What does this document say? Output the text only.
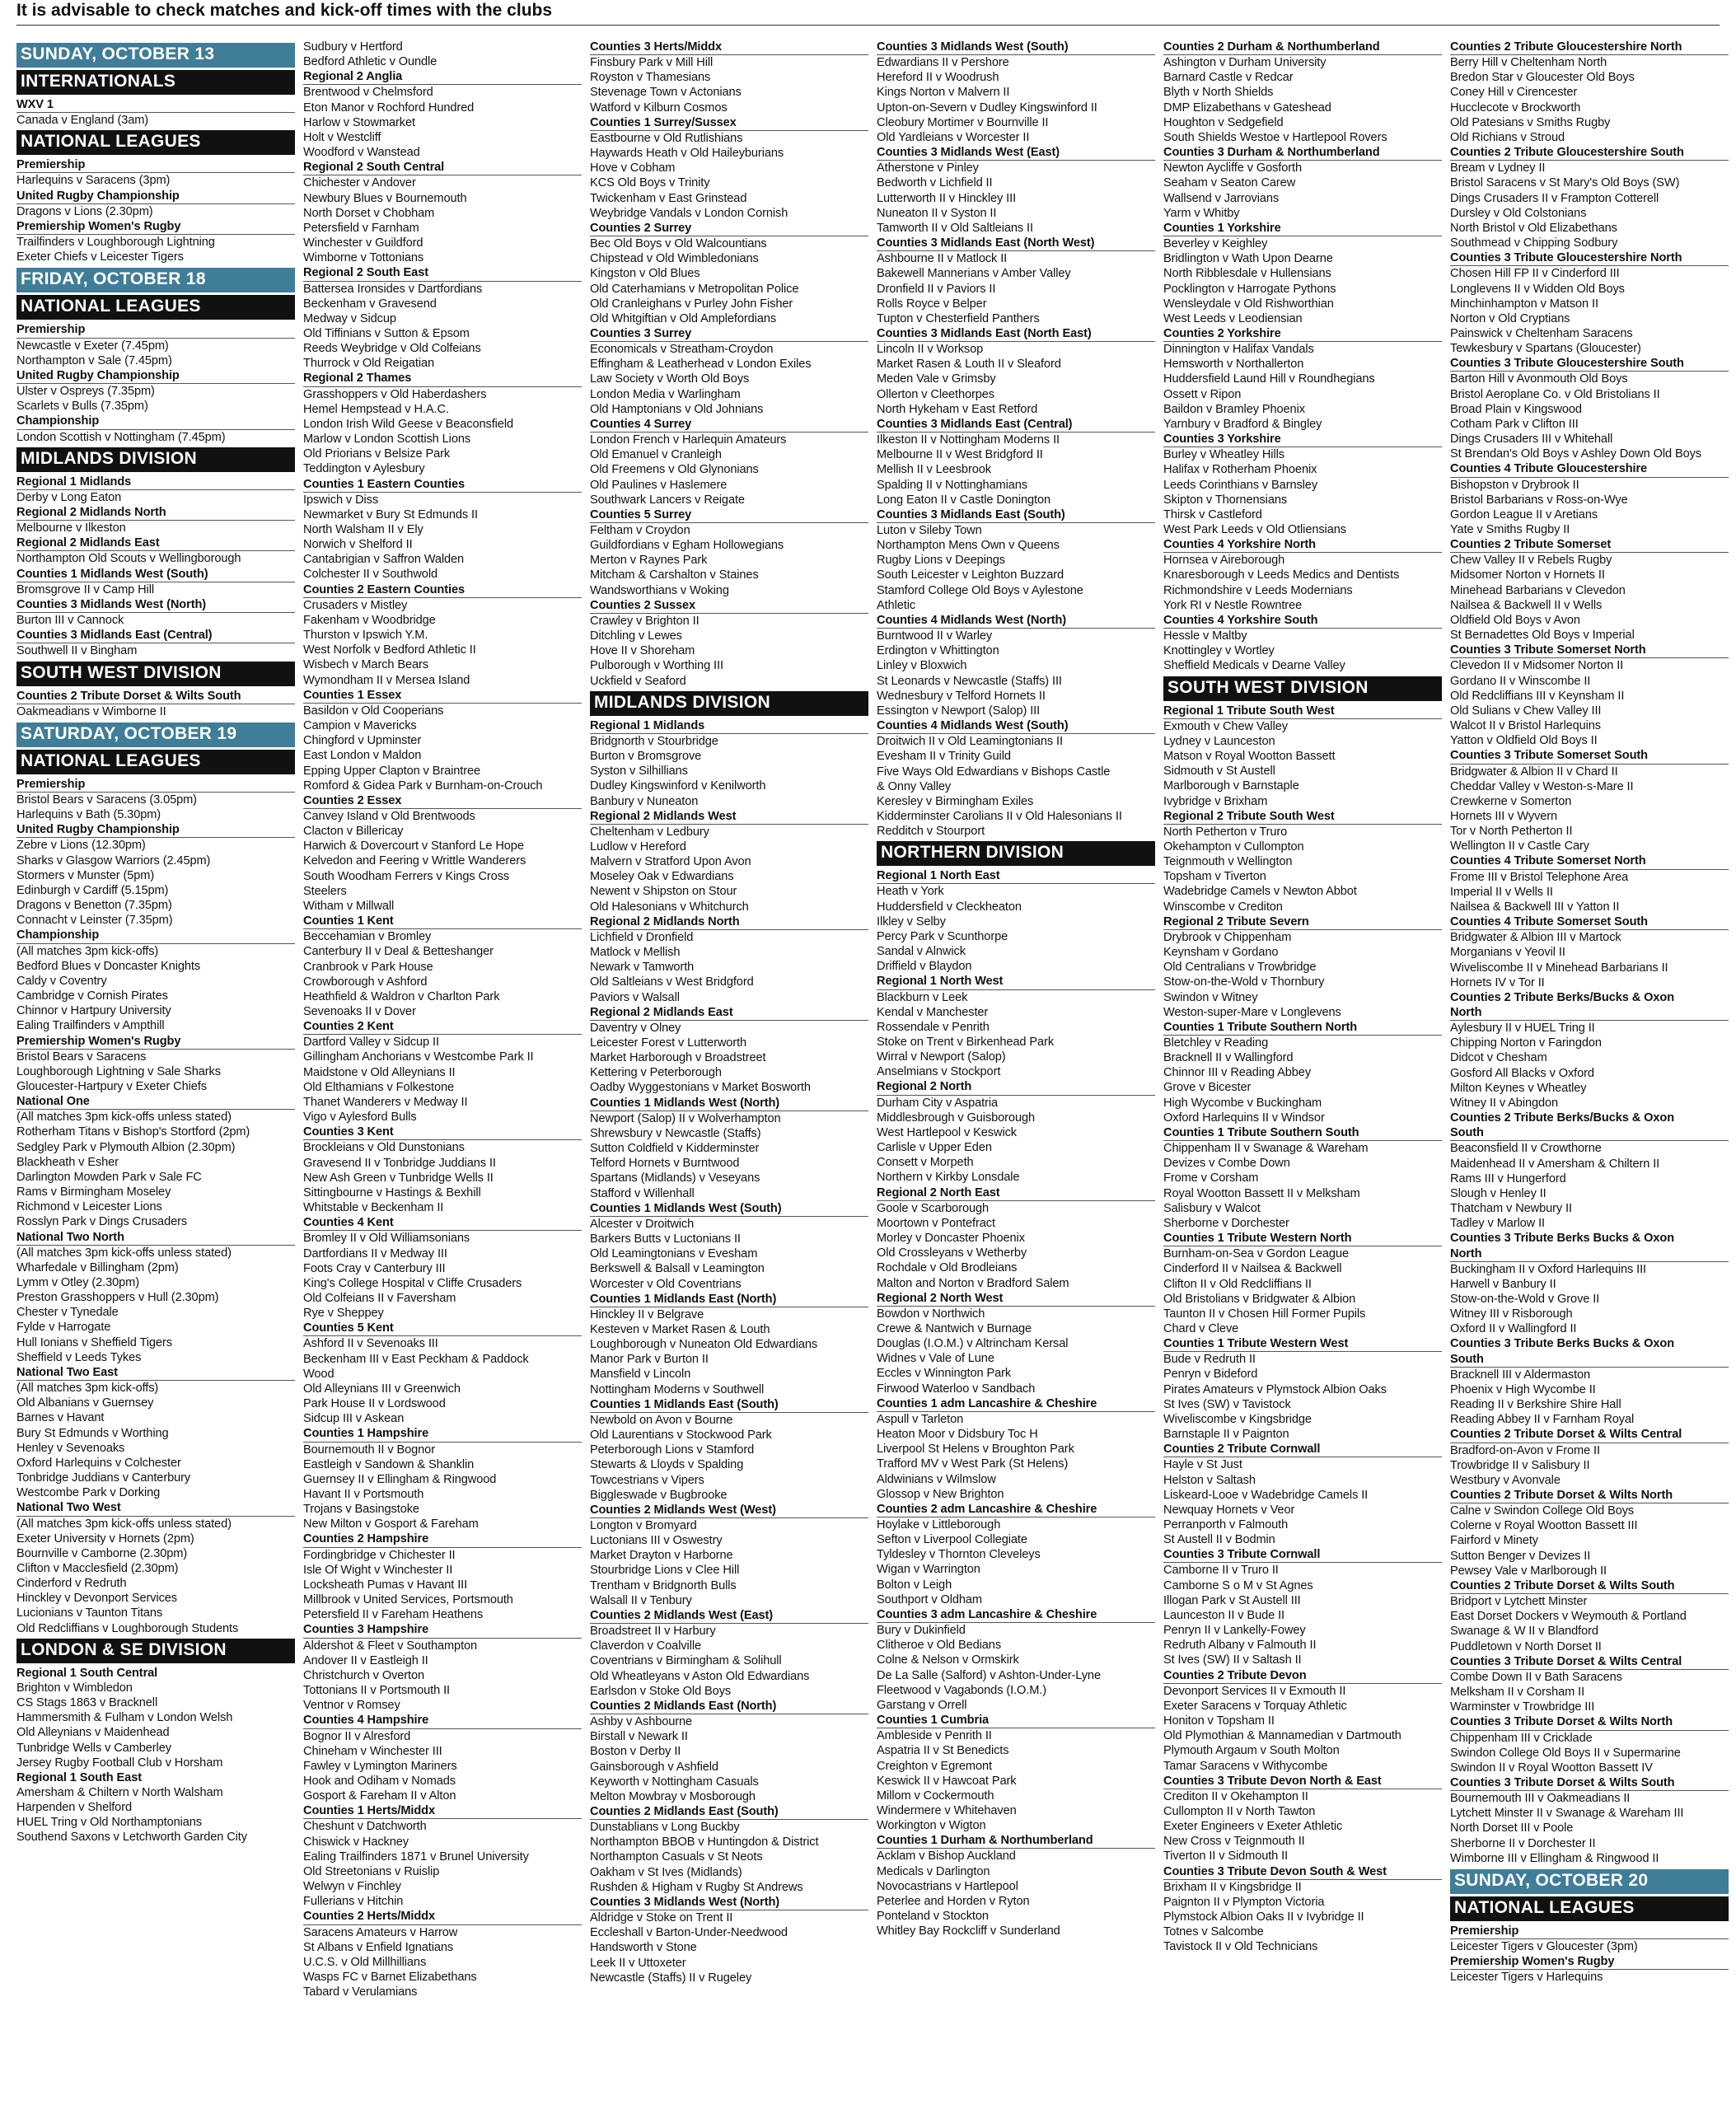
It is advisable to check matches and kick-off times with the clubs
SUNDAY, OCTOBER 13
INTERNATIONALS
WXV 1
Canada v England (3am)
NATIONAL LEAGUES
Premiership
Harlequins v Saracens (3pm)
United Rugby Championship
Dragons v Lions (2.30pm)
Premiership Women's Rugby
Trailfinders v Loughborough Lightning
Exeter Chiefs v Leicester Tigers
FRIDAY, OCTOBER 18
NATIONAL LEAGUES
Premiership
Newcastle v Exeter (7.45pm)
Northampton v Sale (7.45pm)
United Rugby Championship
Ulster v Ospreys (7.35pm)
Scarlets v Bulls (7.35pm)
Championship
London Scottish v Nottingham (7.45pm)
MIDLANDS DIVISION
Regional 1 Midlands
Derby v Long Eaton
Regional 2 Midlands North
Melbourne v Ilkeston
Regional 2 Midlands East
Northampton Old Scouts v Wellingborough
Counties 1 Midlands West (South)
Bromsgrove II v Camp Hill
Counties 3 Midlands West (North)
Burton III v Cannock
Counties 3 Midlands East (Central)
Southwell II v Bingham
SOUTH WEST DIVISION
Counties 2 Tribute Dorset & Wilts South
Oakmeadians v Wimborne II
SATURDAY, OCTOBER 19
NATIONAL LEAGUES
Premiership
Bristol Bears v Saracens (3.05pm)
Harlequins v Bath (5.30pm)
United Rugby Championship
Zebre v Lions (12.30pm)
Sharks v Glasgow Warriors (2.45pm)
Stormers v Munster (5pm)
Edinburgh v Cardiff (5.15pm)
Dragons v Benetton (7.35pm)
Connacht v Leinster (7.35pm)
Championship
(All matches 3pm kick-offs)
Bedford Blues v Doncaster Knights
Caldy v Coventry
Cambridge v Cornish Pirates
Chinnor v Hartpury University
Ealing Trailfinders v Ampthill
Premiership Women's Rugby
Bristol Bears v Saracens
Loughborough Lightning v Sale Sharks
Gloucester-Hartpury v Exeter Chiefs
National One
(All matches 3pm kick-offs unless stated)
Rotherham Titans v Bishop's Stortford (2pm)
Sedgley Park v Plymouth Albion (2.30pm)
Blackheath v Esher
Darlington Mowden Park v Sale FC
Rams v Birmingham Moseley
Richmond v Leicester Lions
Rosslyn Park v Dings Crusaders
National Two North
(All matches 3pm kick-offs unless stated)
Wharfedale v Billingham (2pm)
Lymm v Otley (2.30pm)
Preston Grasshoppers v Hull (2.30pm)
Chester v Tynedale
Fylde v Harrogate
Hull Ionians v Sheffield Tigers
Sheffield v Leeds Tykes
National Two East
(All matches 3pm kick-offs)
Old Albanians v Guernsey
Barnes v Havant
Bury St Edmunds v Worthing
Henley v Sevenoaks
Oxford Harlequins v Colchester
Tonbridge Juddians v Canterbury
Westcombe Park v Dorking
National Two West
(All matches 3pm kick-offs unless stated)
Exeter University v Hornets (2pm)
Bournville v Camborne (2.30pm)
Clifton v Macclesfield (2.30pm)
Cinderford v Redruth
Hinckley v Devonport Services
Lucionians v Taunton Titans
Old Redcliffians v Loughborough Students
LONDON & SE DIVISION
Regional 1 South Central
Brighton v Wimbledon
CS Stags 1863 v Bracknell
Hammersmith & Fulham v London Welsh
Old Alleynians v Maidenhead
Tunbridge Wells v Camberley
Jersey Rugby Football Club v Horsham
Regional 1 South East
Amersham & Chiltern v North Walsham
Harpenden v Shelford
HUEL Tring v Old Northamptonians
Southend Saxons v Letchworth Garden City
Sudbury v Hertford
Bedford Athletic v Oundle
Regional 2 Anglia
Brentwood v Chelmsford
Eton Manor v Rochford Hundred
Harlow v Stowmarket
Holt v Westcliff
Woodford v Wanstead
Regional 2 South Central
Chichester v Andover
Newbury Blues v Bournemouth
North Dorset v Chobham
Petersfield v Farnham
Winchester v Guildford
Wimborne v Tottonians
Regional 2 South East
Battersea Ironsides v Dartfordians
Beckenham v Gravesend
Medway v Sidcup
Old Tiffinians v Sutton & Epsom
Reeds Weybridge v Old Colfeians
Thurrock v Old Reigatian
Regional 2 Thames
Grasshoppers v Old Haberdashers
Hemel Hempstead v H.A.C.
London Irish Wild Geese v Beaconsfield
Marlow v London Scottish Lions
Old Priorians v Belsize Park
Teddington v Aylesbury
Counties 1 Eastern Counties
Ipswich v Diss
Newmarket v Bury St Edmunds II
North Walsham II v Ely
Norwich v Shelford II
Cantabrigian v Saffron Walden
Colchester II v Southwold
Counties 2 Eastern Counties
Crusaders v Mistley
Fakenham v Woodbridge
Thurston v Ipswich Y.M.
West Norfolk v Bedford Athletic II
Wisbech v March Bears
Wymondham II v Mersea Island
Counties 1 Essex
Basildon v Old Cooperians
Campion v Mavericks
Chingford v Upminster
East London v Maldon
Epping Upper Clapton v Braintree
Romford & Gidea Park v Burnham-on-Crouch
Counties 2 Essex
Canvey Island v Old Brentwoods
Clacton v Billericay
Harwich & Dovercourt v Stanford Le Hope
Kelvedon and Feering v Writtle Wanderers
South Woodham Ferrers v Kings Cross
Steelers
Witham v Millwall
Counties 1 Kent
Beccehamian v Bromley
Canterbury II v Deal & Betteshanger
Cranbrook v Park House
Crowborough v Ashford
Heathfield & Waldron v Charlton Park
Sevenoaks II v Dover
Counties 2 Kent
Dartford Valley v Sidcup II
Gillingham Anchorians v Westcombe Park II
Maidstone v Old Alleynians II
Old Elthamians v Folkestone
Thanet Wanderers v Medway II
Vigo v Aylesford Bulls
Counties 3 Kent
Brockleians v Old Dunstonians
Gravesend II v Tonbridge Juddians II
New Ash Green v Tunbridge Wells II
Sittingbourne v Hastings & Bexhill
Whitstable v Beckenham II
Counties 4 Kent
Bromley II v Old Williamsonians
Dartfordians II v Medway III
Foots Cray v Canterbury III
King's College Hospital v Cliffe Crusaders
Old Colfeians II v Faversham
Rye v Sheppey
Counties 5 Kent
Ashford II v Sevenoaks III
Beckenham III v East Peckham & Paddock
Wood
Old Alleynians III v Greenwich
Park House II v Lordswood
Sidcup III v Askean
Counties 1 Hampshire
Bournemouth II v Bognor
Eastleigh v Sandown & Shanklin
Guernsey II v Ellingham & Ringwood
Havant II v Portsmouth
Trojans v Basingstoke
New Milton v Gosport & Fareham
Counties 2 Hampshire
Fordingbridge v Chichester II
Isle Of Wight v Winchester II
Locksheath Pumas v Havant III
Millbrook v United Services, Portsmouth
Petersfield II v Fareham Heathens
Counties 3 Hampshire
Aldershot & Fleet v Southampton
Andover II v Eastleigh II
Christchurch v Overton
Tottonians II v Portsmouth II
Ventnor v Romsey
Counties 4 Hampshire
Bognor II v Alresford
Chineham v Winchester III
Fawley v Lymington Mariners
Hook and Odiham v Nomads
Gosport & Fareham II v Alton
Counties 1 Herts/Middx
Cheshunt v Datchworth
Chiswick v Hackney
Ealing Trailfinders 1871 v Brunel University
Old Streetonians v Ruislip
Welwyn v Finchley
Fullerians v Hitchin
Counties 2 Herts/Middx
Saracens Amateurs v Harrow
St Albans v Enfield Ignatians
U.C.S. v Old Millhillians
Wasps FC v Barnet Elizabethans
Tabard v Verulamians
Counties 3 Herts/Middx
Finsbury Park v Mill Hill
Royston v Thamesians
Stevenage Town v Actonians
Watford v Kilburn Cosmos
Counties 1 Surrey/Sussex
Eastbourne v Old Rutlishians
Haywards Heath v Old Haileyburians
Hove v Cobham
KCS Old Boys v Trinity
Twickenham v East Grinstead
Weybridge Vandals v London Cornish
Counties 2 Surrey
Bec Old Boys v Old Walcountians
Chipstead v Old Wimbledonians
Kingston v Old Blues
Old Caterhamians v Metropolitan Police
Old Cranleighans v Purley John Fisher
Old Whitgiftian v Old Amplefordians
Counties 3 Surrey
Economicals v Streatham-Croydon
Effingham & Leatherhead v London Exiles
Law Society v Worth Old Boys
London Media v Warlingham
Old Hamptonians v Old Johnians
Counties 4 Surrey
London French v Harlequin Amateurs
Old Emanuel v Cranleigh
Old Freemens v Old Glynonians
Old Paulines v Haslemere
Southwark Lancers v Reigate
Counties 5 Surrey
Feltham v Croydon
Guildfordians v Egham Hollowegians
Merton v Raynes Park
Mitcham & Carshalton v Staines
Wandsworthians v Woking
Counties 2 Sussex
Crawley v Brighton II
Ditchling v Lewes
Hove II v Shoreham
Pulborough v Worthing III
Uckfield v Seaford
MIDLANDS DIVISION
Regional 1 Midlands
Bridgnorth v Stourbridge
Burton v Bromsgrove
Syston v Silhillians
Dudley Kingswinford v Kenilworth
Banbury v Nuneaton
Regional 2 Midlands West
Cheltenham v Ledbury
Ludlow v Hereford
Malvern v Stratford Upon Avon
Moseley Oak v Edwardians
Newent v Shipston on Stour
Old Halesonians v Whitchurch
Regional 2 Midlands North
Lichfield v Dronfield
Matlock v Mellish
Newark v Tamworth
Old Saltleians v West Bridgford
Paviors v Walsall
Regional 2 Midlands East
Daventry v Olney
Leicester Forest v Lutterworth
Market Harborough v Broadstreet
Kettering v Peterborough
Oadby Wyggestonians v Market Bosworth
Counties 1 Midlands West (North)
Newport (Salop) II v Wolverhampton
Shrewsbury v Newcastle (Staffs)
Sutton Coldfield v Kidderminster
Telford Hornets v Burntwood
Spartans (Midlands) v Veseyans
Stafford v Willenhall
Counties 1 Midlands West (South)
Alcester v Droitwich
Barkers Butts v Luctonians II
Old Leamingtonians v Evesham
Berkswell & Balsall v Leamington
Worcester v Old Coventrians
Counties 1 Midlands East (North)
Hinckley II v Belgrave
Kesteven v Market Rasen & Louth
Loughborough v Nuneaton Old Edwardians
Manor Park v Burton II
Mansfield v Lincoln
Nottingham Moderns v Southwell
Counties 1 Midlands East (South)
Newbold on Avon v Bourne
Old Laurentians v Stockwood Park
Peterborough Lions v Stamford
Stewarts & Lloyds v Spalding
Towcestrians v Vipers
Biggleswade v Bugbrooke
Counties 2 Midlands West (West)
Longton v Bromyard
Luctonians III v Oswestry
Market Drayton v Harborne
Stourbridge Lions v Clee Hill
Trentham v Bridgnorth Bulls
Walsall II v Tenbury
Counties 2 Midlands West (East)
Broadstreet II v Harbury
Claverdon v Coalville
Coventrians v Birmingham & Solihull
Old Wheatleyans v Aston Old Edwardians
Earlsdon v Stoke Old Boys
Counties 2 Midlands East (North)
Ashby v Ashbourne
Birstall v Newark II
Boston v Derby II
Gainsborough v Ashfield
Keyworth v Nottingham Casuals
Melton Mowbray v Mosborough
Counties 2 Midlands East (South)
Dunstablians v Long Buckby
Northampton BBOB v Huntingdon & District
Northampton Casuals v St Neots
Oakham v St Ives (Midlands)
Rushden & Higham v Rugby St Andrews
Counties 3 Midlands West (North)
Aldridge v Stoke on Trent II
Eccleshall v Barton-Under-Needwood
Handsworth v Stone
Leek II v Uttoxeter
Newcastle (Staffs) II v Rugeley
Counties 3 Midlands West (South)
Edwardians II v Pershore
Hereford II v Woodrush
Kings Norton v Malvern II
Upton-on-Severn v Dudley Kingswinford II
Cleobury Mortimer v Bournville II
Old Yardleians v Worcester II
Counties 3 Midlands West (East)
Atherstone v Pinley
Bedworth v Lichfield II
Lutterworth II v Hinckley III
Nuneaton II v Syston II
Tamworth II v Old Saltleians II
Counties 3 Midlands East (North West)
Ashbourne II v Matlock II
Bakewell Mannerians v Amber Valley
Dronfield II v Paviors II
Rolls Royce v Belper
Tupton v Chesterfield Panthers
Counties 3 Midlands East (North East)
Lincoln II v Worksop
Market Rasen & Louth II v Sleaford
Meden Vale v Grimsby
Ollerton v Cleethorpes
North Hykeham v East Retford
Counties 3 Midlands East (Central)
Ilkeston II v Nottingham Moderns II
Melbourne II v West Bridgford II
Mellish II v Leesbrook
Spalding II v Nottinghamians
Long Eaton II v Castle Donington
Counties 3 Midlands East (South)
Luton v Sileby Town
Northampton Mens Own v Queens
Rugby Lions v Deepings
South Leicester v Leighton Buzzard
Stamford College Old Boys v Aylestone
Athletic
Counties 4 Midlands West (North)
Burntwood II v Warley
Erdington v Whittington
Linley v Bloxwich
St Leonards v Newcastle (Staffs) III
Wednesbury v Telford Hornets II
Essington v Newport (Salop) III
Counties 4 Midlands West (South)
Droitwich II v Old Leamingtonians II
Evesham II v Trinity Guild
Five Ways Old Edwardians v Bishops Castle
& Onny Valley
Keresley v Birmingham Exiles
Kidderminster Carolians II v Old Halesonians II
Redditch v Stourport
NORTHERN DIVISION
Regional 1 North East
Heath v York
Huddersfield v Cleckheaton
Ilkley v Selby
Percy Park v Scunthorpe
Sandal v Alnwick
Driffield v Blaydon
Regional 1 North West
Blackburn v Leek
Kendal v Manchester
Rossendale v Penrith
Stoke on Trent v Birkenhead Park
Wirral v Newport (Salop)
Anselmians v Stockport
Regional 2 North
Durham City v Aspatria
Middlesbrough v Guisborough
West Hartlepool v Keswick
Carlisle v Upper Eden
Consett v Morpeth
Northern v Kirkby Lonsdale
Regional 2 North East
Goole v Scarborough
Moortown v Pontefract
Morley v Doncaster Phoenix
Old Crossleyans v Wetherby
Rochdale v Old Brodleians
Malton and Norton v Bradford Salem
Regional 2 North West
Bowdon v Northwich
Crewe & Nantwich v Burnage
Douglas (I.O.M.) v Altrincham Kersal
Widnes v Vale of Lune
Eccles v Winnington Park
Firwood Waterloo v Sandbach
Counties 1 adm Lancashire & Cheshire
Aspull v Tarleton
Heaton Moor v Didsbury Toc H
Liverpool St Helens v Broughton Park
Trafford MV v West Park (St Helens)
Aldwinians v Wilmslow
Glossop v New Brighton
Counties 2 adm Lancashire & Cheshire
Hoylake v Littleborough
Sefton v Liverpool Collegiate
Tyldesley v Thornton Cleveleys
Wigan v Warrington
Bolton v Leigh
Southport v Oldham
Counties 3 adm Lancashire & Cheshire
Bury v Dukinfield
Clitheroe v Old Bedians
Colne & Nelson v Ormskirk
De La Salle (Salford) v Ashton-Under-Lyne
Fleetwood v Vagabonds (I.O.M.)
Garstang v Orrell
Counties 1 Cumbria
Ambleside v Penrith II
Aspatria II v St Benedicts
Creighton v Egremont
Keswick II v Hawcoat Park
Millom v Cockermouth
Windermere v Whitehaven
Workington v Wigton
Counties 1 Durham & Northumberland
Acklam v Bishop Auckland
Medicals v Darlington
Novocastrians v Hartlepool
Peterlee and Horden v Ryton
Ponteland v Stockton
Whitley Bay Rockcliff v Sunderland
Counties 2 Durham & Northumberland
Ashington v Durham University
Barnard Castle v Redcar
Blyth v North Shields
DMP Elizabethans v Gateshead
Houghton v Sedgefield
South Shields Westoe v Hartlepool Rovers
Counties 3 Durham & Northumberland
Newton Aycliffe v Gosforth
Seaham v Seaton Carew
Wallsend v Jarrovians
Yarm v Whitby
Counties 1 Yorkshire
Beverley v Keighley
Bridlington v Wath Upon Dearne
North Ribblesdale v Hullensians
Pocklington v Harrogate Pythons
Wensleydale v Old Rishworthian
West Leeds v Leodiensian
Counties 2 Yorkshire
Dinnington v Halifax Vandals
Hemsworth v Northallerton
Huddersfield Laund Hill v Roundhegians
Ossett v Ripon
Baildon v Bramley Phoenix
Yarnbury v Bradford & Bingley
Counties 3 Yorkshire
Burley v Wheatley Hills
Halifax v Rotherham Phoenix
Leeds Corinthians v Barnsley
Skipton v Thornensians
Thirsk v Castleford
West Park Leeds v Old Otliensians
Counties 4 Yorkshire North
Hornsea v Aireborough
Knaresborough v Leeds Medics and Dentists
Richmondshire v Leeds Modernians
York RI v Nestle Rowntree
Counties 4 Yorkshire South
Hessle v Maltby
Knottingley v Wortley
Sheffield Medicals v Dearne Valley
SOUTH WEST DIVISION
Regional 1 Tribute South West
Exmouth v Chew Valley
Lydney v Launceston
Matson v Royal Wootton Bassett
Sidmouth v St Austell
Marlborough v Barnstaple
Ivybridge v Brixham
Regional 2 Tribute South West
North Petherton v Truro
Okehampton v Cullompton
Teignmouth v Wellington
Topsham v Tiverton
Wadebridge Camels v Newton Abbot
Winscombe v Crediton
Regional 2 Tribute Severn
Drybrook v Chippenham
Keynsham v Gordano
Old Centralians v Trowbridge
Stow-on-the-Wold v Thornbury
Swindon v Witney
Weston-super-Mare v Longlevens
Counties 1 Tribute Southern North
Bletchley v Reading
Bracknell II v Wallingford
Chinnor III v Reading Abbey
Grove v Bicester
High Wycombe v Buckingham
Oxford Harlequins II v Windsor
Counties 1 Tribute Southern South
Chippenham II v Swanage & Wareham
Devizes v Combe Down
Frome v Corsham
Royal Wootton Bassett II v Melksham
Salisbury v Walcot
Sherborne v Dorchester
Counties 1 Tribute Western North
Burnham-on-Sea v Gordon League
Cinderford II v Nailsea & Backwell
Clifton II v Old Redcliffians II
Old Bristolians v Bridgwater & Albion
Taunton II v Chosen Hill Former Pupils
Chard v Cleve
Counties 1 Tribute Western West
Bude v Redruth II
Penryn v Bideford
Pirates Amateurs v Plymstock Albion Oaks
St Ives (SW) v Tavistock
Wiveliscombe v Kingsbridge
Barnstaple II v Paignton
Counties 2 Tribute Cornwall
Hayle v St Just
Helston v Saltash
Liskeard-Looe v Wadebridge Camels II
Newquay Hornets v Veor
Perranporth v Falmouth
St Austell II v Bodmin
Counties 3 Tribute Cornwall
Camborne II v Truro II
Camborne S o M v St Agnes
Illogan Park v St Austell III
Launceston II v Bude II
Penryn II v Lankelly-Fowey
Redruth Albany v Falmouth II
St Ives (SW) II v Saltash II
Counties 2 Tribute Devon
Devonport Services II v Exmouth II
Exeter Saracens v Torquay Athletic
Honiton v Topsham II
Old Plymothian & Mannamedian v Dartmouth
Plymouth Argaum v South Molton
Tamar Saracens v Withycombe
Counties 3 Tribute Devon North & East
Crediton II v Okehampton II
Cullompton II v North Tawton
Exeter Engineers v Exeter Athletic
New Cross v Teignmouth II
Tiverton II v Sidmouth II
Counties 3 Tribute Devon South & West
Brixham II v Kingsbridge II
Paignton II v Plympton Victoria
Plymstock Albion Oaks II v Ivybridge II
Totnes v Salcombe
Tavistock II v Old Technicians
Counties 2 Tribute Gloucestershire North
Berry Hill v Cheltenham North
Bredon Star v Gloucester Old Boys
Coney Hill v Cirencester
Hucclecote v Brockworth
Old Patesians v Smiths Rugby
Old Richians v Stroud
Counties 2 Tribute Gloucestershire South
Bream v Lydney II
Bristol Saracens v St Mary's Old Boys (SW)
Dings Crusaders II v Frampton Cotterell
Dursley v Old Colstonians
North Bristol v Old Elizabethans
Southmead v Chipping Sodbury
Counties 3 Tribute Gloucestershire North
Chosen Hill FP II v Cinderford III
Longlevens II v Widden Old Boys
Minchinhampton v Matson II
Norton v Old Cryptians
Painswick v Cheltenham Saracens
Tewkesbury v Spartans (Gloucester)
Counties 3 Tribute Gloucestershire South
Barton Hill v Avonmouth Old Boys
Bristol Aeroplane Co. v Old Bristolians II
Broad Plain v Kingswood
Cotham Park v Clifton III
Dings Crusaders III v Whitehall
St Brendan's Old Boys v Ashley Down Old Boys
Counties 4 Tribute Gloucestershire
Bishopston v Drybrook II
Bristol Barbarians v Ross-on-Wye
Gordon League II v Aretians
Yate v Smiths Rugby II
Counties 2 Tribute Somerset
Chew Valley II v Rebels Rugby
Midsomer Norton v Hornets II
Minehead Barbarians v Clevedon
Nailsea & Backwell II v Wells
Oldfield Old Boys v Avon
St Bernadettes Old Boys v Imperial
Counties 3 Tribute Somerset North
Clevedon II v Midsomer Norton II
Gordano II v Winscombe II
Old Redcliffians III v Keynsham II
Old Sulians v Chew Valley III
Walcot II v Bristol Harlequins
Yatton v Oldfield Old Boys II
Counties 3 Tribute Somerset South
Bridgwater & Albion II v Chard II
Cheddar Valley v Weston-s-Mare II
Crewkerne v Somerton
Hornets III v Wyvern
Tor v North Petherton II
Wellington II v Castle Cary
Counties 4 Tribute Somerset North
Frome III v Bristol Telephone Area
Imperial II v Wells II
Nailsea & Backwell III v Yatton II
Counties 4 Tribute Somerset South
Bridgwater & Albion III v Martock
Morganians v Yeovil II
Wiveliscombe II v Minehead Barbarians II
Hornets IV v Tor II
Counties 2 Tribute Berks/Bucks & Oxon
North
Aylesbury II v HUEL Tring II
Chipping Norton v Faringdon
Didcot v Chesham
Gosford All Blacks v Oxford
Milton Keynes v Wheatley
Witney II v Abingdon
Counties 2 Tribute Berks/Bucks & Oxon
South
Beaconsfield II v Crowthorne
Maidenhead II v Amersham & Chiltern II
Rams III v Hungerford
Slough v Henley II
Thatcham v Newbury II
Tadley v Marlow II
Counties 3 Tribute Berks Bucks & Oxon
North
Buckingham II v Oxford Harlequins III
Harwell v Banbury II
Stow-on-the-Wold v Grove II
Witney III v Risborough
Oxford II v Wallingford II
Counties 3 Tribute Berks Bucks & Oxon
South
Bracknell III v Aldermaston
Phoenix v High Wycombe II
Reading II v Berkshire Shire Hall
Reading Abbey II v Farnham Royal
Counties 2 Tribute Dorset & Wilts Central
Bradford-on-Avon v Frome II
Trowbridge II v Salisbury II
Westbury v Avonvale
Counties 2 Tribute Dorset & Wilts North
Calne v Swindon College Old Boys
Colerne v Royal Wootton Bassett III
Fairford v Minety
Sutton Benger v Devizes II
Pewsey Vale v Marlborough II
Counties 2 Tribute Dorset & Wilts South
Bridport v Lytchett Minster
East Dorset Dockers v Weymouth & Portland
Swanage & W II v Blandford
Puddletown v North Dorset II
Counties 3 Tribute Dorset & Wilts Central
Combe Down II v Bath Saracens
Melksham II v Corsham II
Warminster v Trowbridge III
Counties 3 Tribute Dorset & Wilts North
Chippenham III v Cricklade
Swindon College Old Boys II v Supermarine
Swindon II v Royal Wootton Bassett IV
Counties 3 Tribute Dorset & Wilts South
Bournemouth III v Oakmeadians II
Lytchett Minster II v Swanage & Wareham III
North Dorset III v Poole
Sherborne II v Dorchester II
Wimborne III v Ellingham & Ringwood II
SUNDAY, OCTOBER 20
NATIONAL LEAGUES
Premiership
Leicester Tigers v Gloucester (3pm)
Premiership Women's Rugby
Leicester Tigers v Harlequins
